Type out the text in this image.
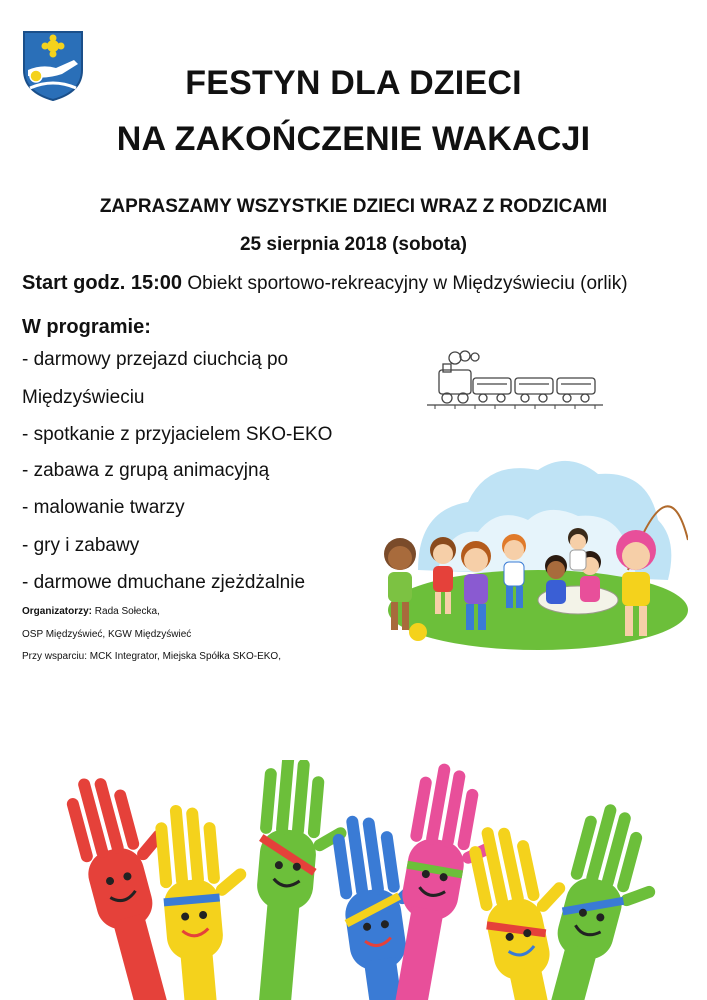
FESTYN DLA DZIECI
NA ZAKOŃCZENIE WAKACJI
ZAPRASZAMY WSZYSTKIE DZIECI WRAZ Z RODZICAMI
25 sierpnia 2018 (sobota)
Start godz. 15:00 Obiekt sportowo-rekreacyjny w Międzyświeciu (orlik)
W programie:
- darmowy przejazd ciuchcią po
Międzyświeciu
- spotkanie z przyjacielem SKO-EKO
- zabawa z grupą animacyjną
- malowanie twarzy
- gry i zabawy
- darmowe dmuchane zjeżdżalnie
Organizatorzy: Rada Sołecka,
OSP Międzyświeć, KGW Międzyświeć
Przy wsparciu: MCK Integrator, Miejska Spółka SKO-EKO,
